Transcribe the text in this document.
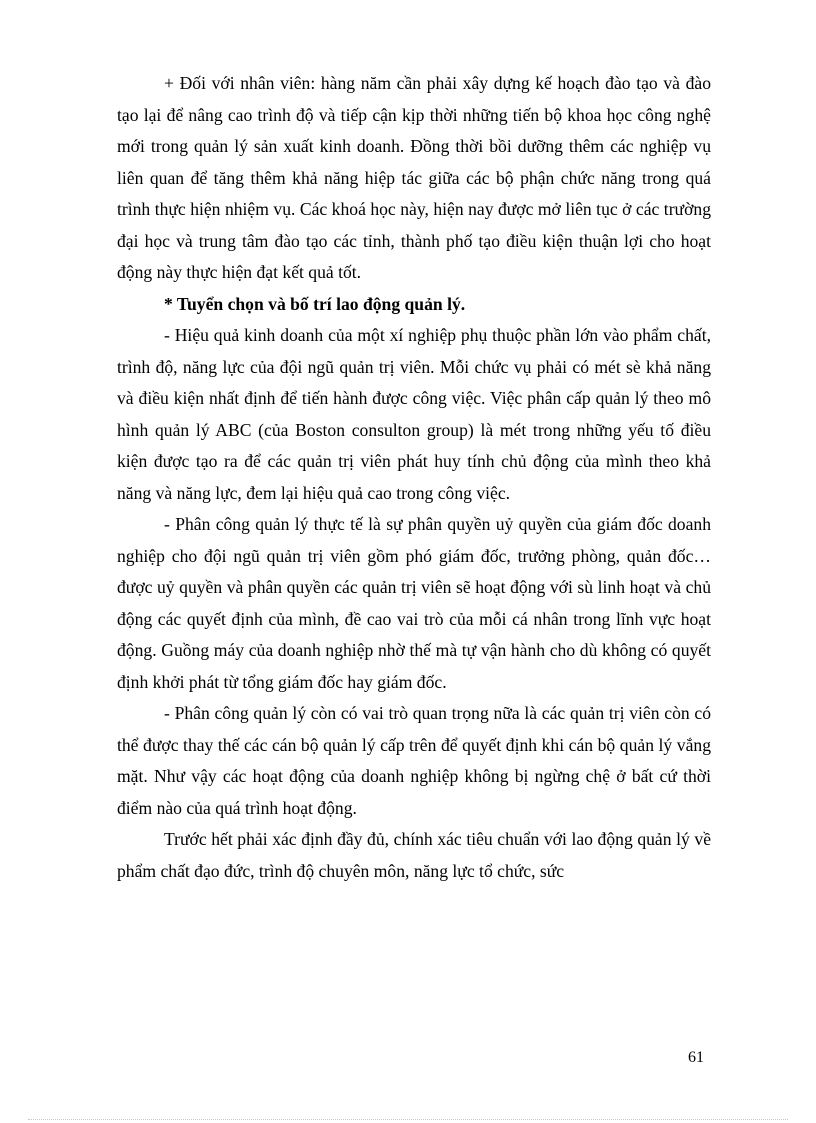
+ Đối với nhân viên: hàng năm cần phải xây dựng kế hoạch đào tạo và đào tạo lại để nâng cao trình độ và tiếp cận kịp thời những tiến bộ khoa học công nghệ mới trong quản lý sản xuất kinh doanh. Đồng thời bồi dưỡng thêm các nghiệp vụ liên quan để tăng thêm khả năng hiệp tác giữa các bộ phận chức năng trong quá trình thực hiện nhiệm vụ. Các khoá học này, hiện nay được mở liên tục ở các trường đại học và trung tâm đào tạo các tỉnh, thành phố tạo điều kiện thuận lợi cho hoạt động này thực hiện đạt kết quả tốt.

* Tuyển chọn và bố trí lao động quản lý.

- Hiệu quả kinh doanh của một xí nghiệp phụ thuộc phần lớn vào phẩm chất, trình độ, năng lực của đội ngũ quản trị viên. Mỗi chức vụ phải có mét sè khả năng và điều kiện nhất định để tiến hành được công việc. Việc phân cấp quản lý theo mô hình quản lý ABC (của Boston consulton group) là mét trong những yếu tố điều kiện được tạo ra để các quản trị viên phát huy tính chủ động của mình theo khả năng và năng lực, đem lại hiệu quả cao trong công việc.

- Phân công quản lý thực tế là sự phân quyền uỷ quyền của giám đốc doanh nghiệp cho đội ngũ quản trị viên gồm phó giám đốc, trưởng phòng, quản đốc…được uỷ quyền và phân quyền các quản trị viên sẽ hoạt động với sù linh hoạt và chủ động các quyết định của mình, đề cao vai trò của mỗi cá nhân trong lĩnh vực hoạt động. Guồng máy của doanh nghiệp nhờ thế mà tự vận hành cho dù không có quyết định khởi phát từ tổng giám đốc hay giám đốc.

- Phân công quản lý còn có vai trò quan trọng nữa là các quản trị viên còn có thể được thay thế các cán bộ quản lý cấp trên để quyết định khi cán bộ quản lý vắng mặt. Như vậy các hoạt động của doanh nghiệp không bị ngừng chệ ở bất cứ thời điểm nào của quá trình hoạt động.

Trước hết phải xác định đầy đủ, chính xác tiêu chuẩn với lao động quản lý về phẩm chất đạo đức, trình độ chuyên môn, năng lực tổ chức, sức

61
